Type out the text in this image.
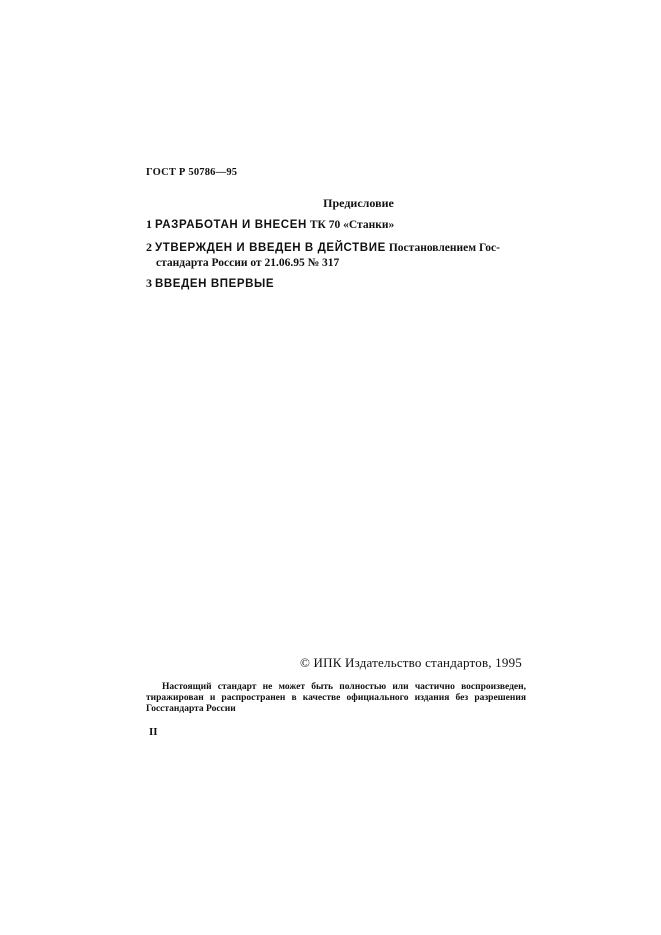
ГОСТ Р 50786—95
Предисловие
1 РАЗРАБОТАН И ВНЕСЕН ТК 70 «Станки»
2 УТВЕРЖДЕН И ВВЕДЕН В ДЕЙСТВИЕ Постановлением Гос-
стандарта России от 21.06.95 № 317
3 ВВЕДЕН ВПЕРВЫЕ
© ИПК Издательство стандартов, 1995
Настоящий стандарт не может быть полностью или частично воспроизведен, тиражирован и распространен в качестве официального издания без разрешения Госстандарта России
II
